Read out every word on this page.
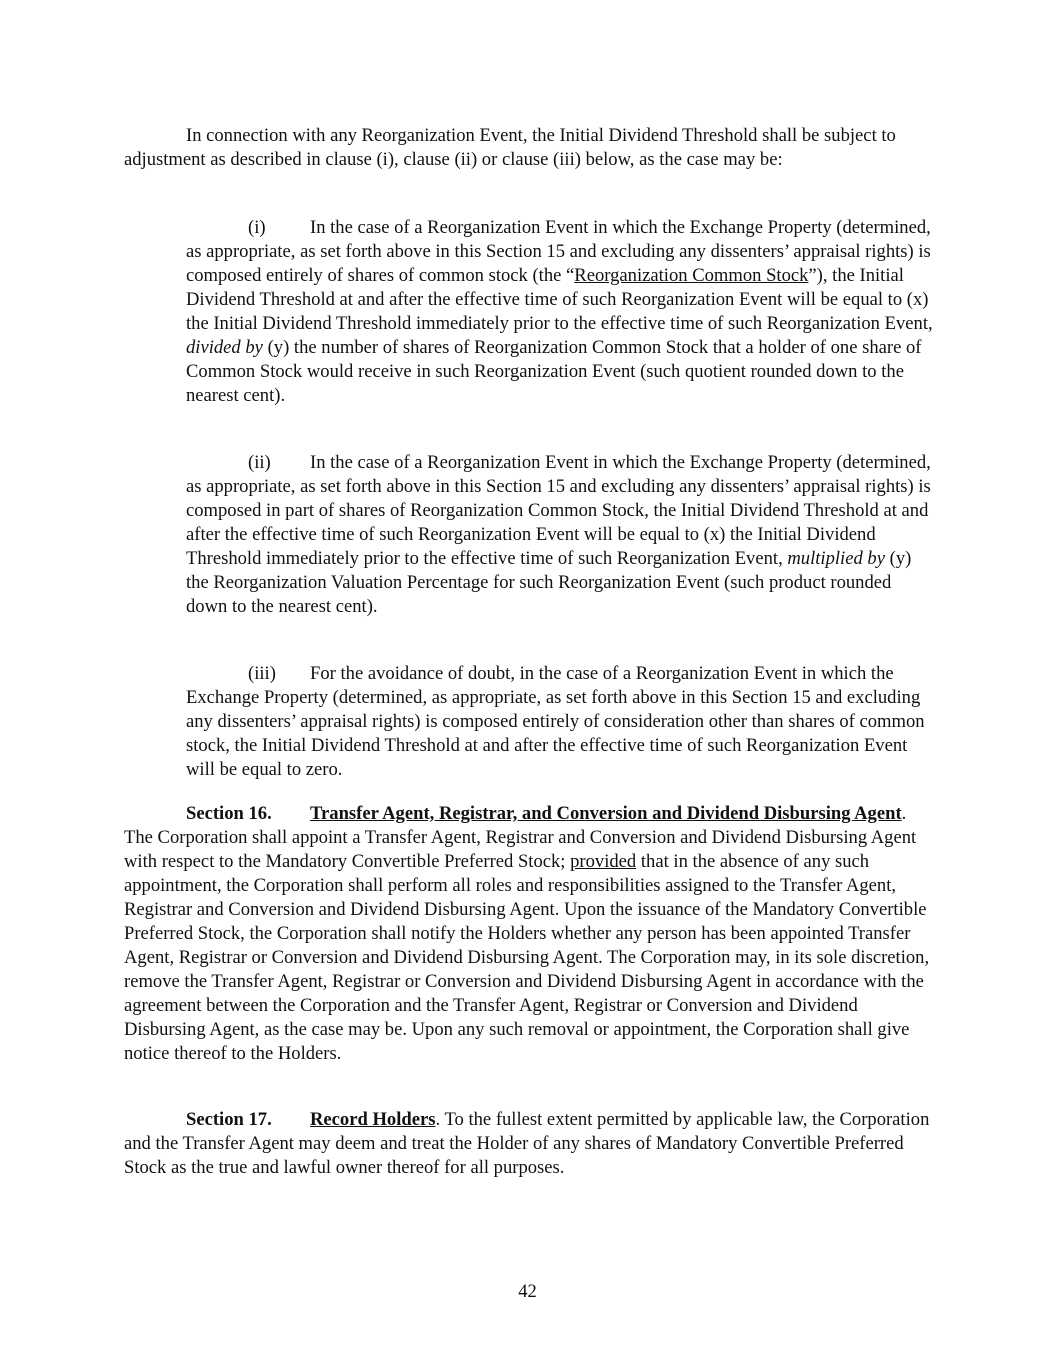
In connection with any Reorganization Event, the Initial Dividend Threshold shall be subject to adjustment as described in clause (i), clause (ii) or clause (iii) below, as the case may be:

(i) In the case of a Reorganization Event in which the Exchange Property (determined, as appropriate, as set forth above in this Section 15 and excluding any dissenters’ appraisal rights) is composed entirely of shares of common stock (the “Reorganization Common Stock”), the Initial Dividend Threshold at and after the effective time of such Reorganization Event will be equal to (x) the Initial Dividend Threshold immediately prior to the effective time of such Reorganization Event, divided by (y) the number of shares of Reorganization Common Stock that a holder of one share of Common Stock would receive in such Reorganization Event (such quotient rounded down to the nearest cent).

(ii) In the case of a Reorganization Event in which the Exchange Property (determined, as appropriate, as set forth above in this Section 15 and excluding any dissenters’ appraisal rights) is composed in part of shares of Reorganization Common Stock, the Initial Dividend Threshold at and after the effective time of such Reorganization Event will be equal to (x) the Initial Dividend Threshold immediately prior to the effective time of such Reorganization Event, multiplied by (y) the Reorganization Valuation Percentage for such Reorganization Event (such product rounded down to the nearest cent).

(iii) For the avoidance of doubt, in the case of a Reorganization Event in which the Exchange Property (determined, as appropriate, as set forth above in this Section 15 and excluding any dissenters’ appraisal rights) is composed entirely of consideration other than shares of common stock, the Initial Dividend Threshold at and after the effective time of such Reorganization Event will be equal to zero.

Section 16. Transfer Agent, Registrar, and Conversion and Dividend Disbursing Agent. The Corporation shall appoint a Transfer Agent, Registrar and Conversion and Dividend Disbursing Agent with respect to the Mandatory Convertible Preferred Stock; provided that in the absence of any such appointment, the Corporation shall perform all roles and responsibilities assigned to the Transfer Agent, Registrar and Conversion and Dividend Disbursing Agent. Upon the issuance of the Mandatory Convertible Preferred Stock, the Corporation shall notify the Holders whether any person has been appointed Transfer Agent, Registrar or Conversion and Dividend Disbursing Agent. The Corporation may, in its sole discretion, remove the Transfer Agent, Registrar or Conversion and Dividend Disbursing Agent in accordance with the agreement between the Corporation and the Transfer Agent, Registrar or Conversion and Dividend Disbursing Agent, as the case may be. Upon any such removal or appointment, the Corporation shall give notice thereof to the Holders.

Section 17. Record Holders. To the fullest extent permitted by applicable law, the Corporation and the Transfer Agent may deem and treat the Holder of any shares of Mandatory Convertible Preferred Stock as the true and lawful owner thereof for all purposes.

42
